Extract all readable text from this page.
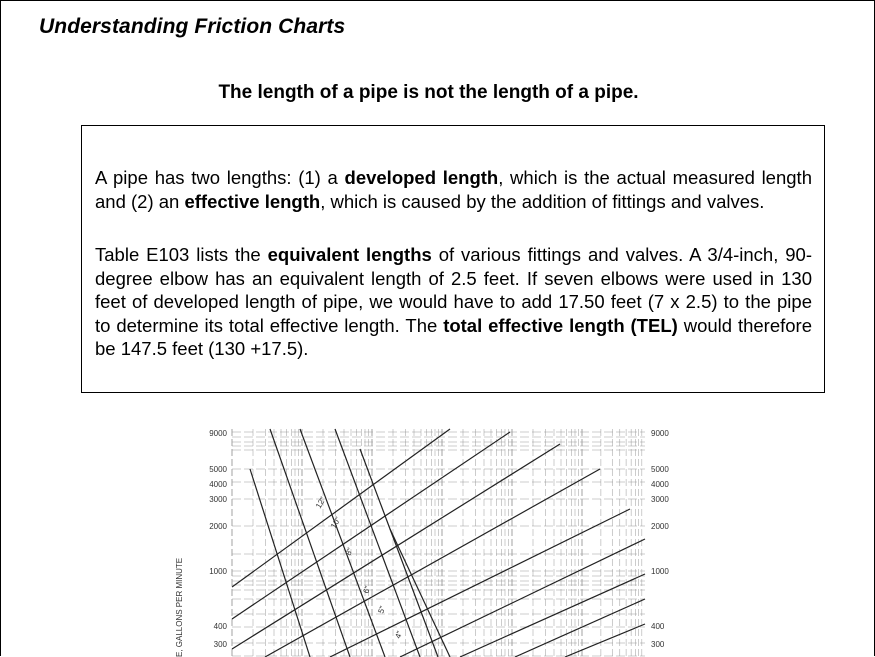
Understanding Friction Charts
The length of a pipe is not the length of a pipe.

A pipe has two lengths: (1) a developed length, which is the actual measured length and (2) an effective length, which is caused by the addition of fittings and valves.

Table E103 lists the equivalent lengths of various fittings and valves. A 3/4-inch, 90-degree elbow has an equivalent length of 2.5 feet. If seven elbows were used in 130 feet of developed length of pipe, we would have to add 17.50 feet (7 x 2.5) to the pipe to determine its total effective length. The total effective length (TEL) would therefore be 147.5 feet (130 +17.5).

9000
5000
4000
3000
2000
1000
400
300
9000
5000
4000
3000
2000
1000
400
300
E, GALLONS PER MINUTE
12"
10"
8"
6"
5"
4"
